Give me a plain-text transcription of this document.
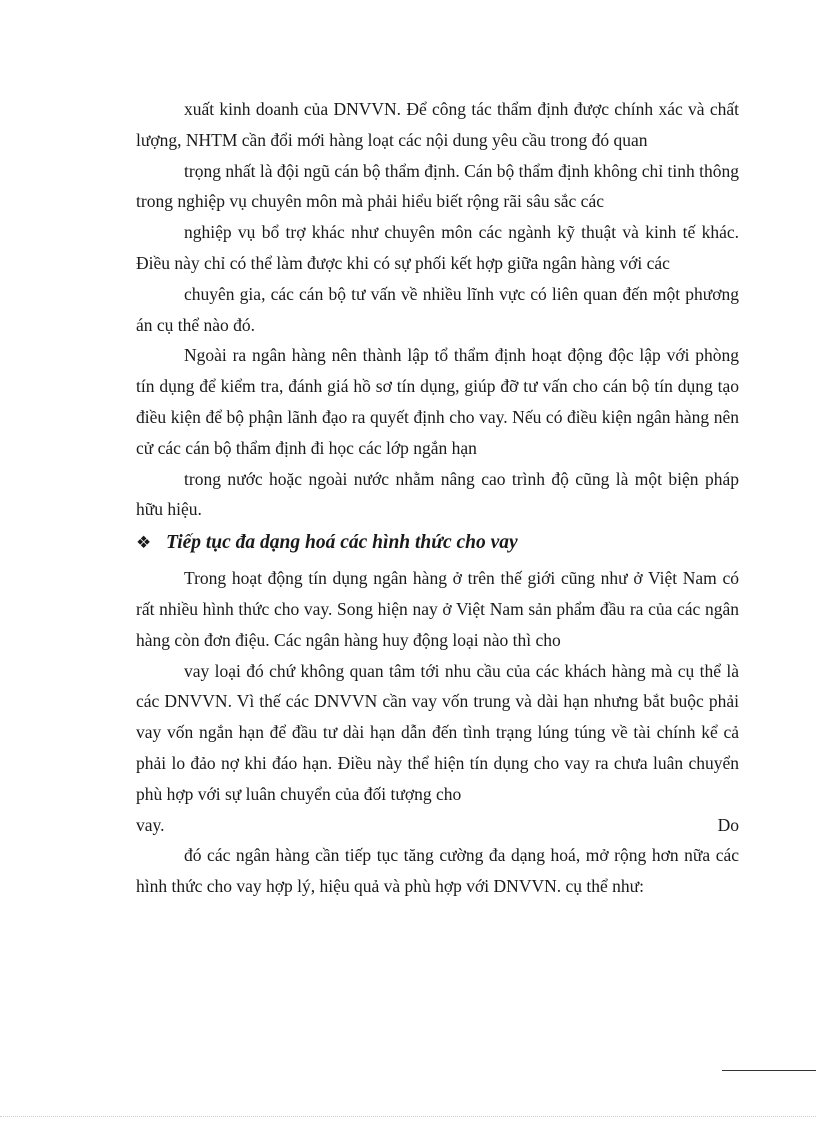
xuất kinh doanh của DNVVN. Để công tác thẩm định được chính xác và chất lượng, NHTM cần đổi mới hàng loạt các nội dung yêu cầu trong đó quan

trọng nhất là đội ngũ cán bộ thẩm định. Cán bộ thẩm định không chỉ tinh thông trong nghiệp vụ chuyên môn mà phải hiểu biết rộng rãi sâu sắc các

nghiệp vụ bổ trợ khác như chuyên môn các ngành kỹ thuật và kinh tế khác. Điều này chỉ có thể làm được khi có sự phối kết hợp giữa ngân hàng với các

chuyên gia, các cán bộ tư vấn về nhiều lĩnh vực có liên quan đến một phương án cụ thể nào đó.

Ngoài ra ngân hàng nên thành lập tổ thẩm định hoạt động độc lập với phòng tín dụng để kiểm tra, đánh giá hồ sơ tín dụng, giúp đỡ tư vấn cho cán bộ tín dụng tạo điều kiện để bộ phận lãnh đạo ra quyết định cho vay. Nếu có điều kiện ngân hàng nên cử các cán bộ thẩm định đi học các lớp ngắn hạn

trong nước hoặc ngoài nước nhằm nâng cao trình độ cũng là một biện pháp hữu hiệu.

❖ Tiếp tục đa dạng hoá các hình thức cho vay

Trong hoạt động tín dụng ngân hàng ở trên thế giới cũng như ở Việt Nam có rất nhiều hình thức cho vay. Song hiện nay ở Việt Nam sản phẩm đầu ra của các ngân hàng còn đơn điệu. Các ngân hàng huy động loại nào thì cho

vay loại đó chứ không quan tâm tới nhu cầu của các khách hàng mà cụ thể là các DNVVN. Vì thế các DNVVN cần vay vốn trung và dài hạn nhưng bắt buộc phải vay vốn ngắn hạn để đầu tư dài hạn dẫn đến tình trạng lúng túng về tài chính kể cả phải lo đảo nợ khi đáo hạn. Điều này thể hiện tín dụng cho vay ra chưa luân chuyển phù hợp với sự luân chuyển của đối tượng cho

vay.	Do

đó các ngân hàng cần tiếp tục tăng cường đa dạng hoá, mở rộng hơn nữa các hình thức cho vay hợp lý, hiệu quả và phù hợp với DNVVN. cụ thể như:
